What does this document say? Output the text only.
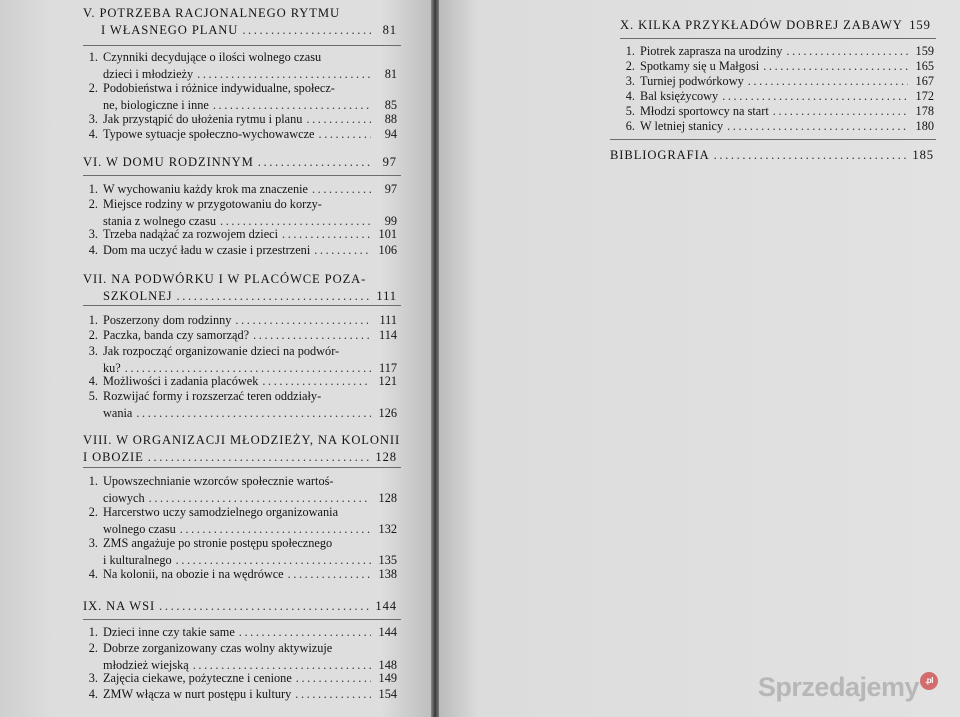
V. POTRZEBA RACJONALNEGO RYTMU
I WŁASNEGO PLANU .....	81
1. Czynniki decydujące o ilości wolnego czasu
dzieci i młodzieży .....	81
2. Podobieństwa i różnice indywidualne, społecz-
ne, biologiczne i inne .....	85
3. Jak przystąpić do ułożenia rytmu i planu .....	88
4. Typowe sytuacje społeczno-wychowawcze .....	94
VI. W DOMU RODZINNYM .....	97
1. W wychowaniu każdy krok ma znaczenie .....	97
2. Miejsce rodziny w przygotowaniu do korzy-
stania z wolnego czasu .....	99
3. Trzeba nadążać za rozwojem dzieci .....	101
4. Dom ma uczyć ładu w czasie i przestrzeni .....	106
VII. NA PODWÓRKU I W PLACÓWCE POZA-
SZKOLNEJ .....	111
1. Poszerzony dom rodzinny .....	111
2. Paczka, banda czy samorząd? .....	114
3. Jak rozpocząć organizowanie dzieci na podwór-
ku? .....	117
4. Możliwości i zadania placówek .....	121
5. Rozwijać formy i rozszerzać teren oddziały-
wania .....	126
VIII. W ORGANIZACJI MŁODZIEŻY, NA KOLONII
I OBOZIE .....	128
1. Upowszechnianie wzorców społecznie wartoś-
ciowych .....	128
2. Harcerstwo uczy samodzielnego organizowania
wolnego czasu .....	132
3. ZMS angażuje po stronie postępu społecznego
i kulturalnego .....	135
4. Na kolonii, na obozie i na wędrówce .....	138
IX. NA WSI .....	144
1. Dzieci inne czy takie same .....	144
2. Dobrze zorganizowany czas wolny aktywizuje
młodzież wiejską .....	148
3. Zajęcia ciekawe, pożyteczne i cenione .....	149
4. ZMW włącza w nurt postępu i kultury .....	154
X. KILKA PRZYKŁADÓW DOBREJ ZABAWY 159
1. Piotrek zaprasza na urodziny .....	159
2. Spotkamy się u Małgosi .....	165
3. Turniej podwórkowy .....	167
4. Bal księżycowy .....	172
5. Młodzi sportowcy na start .....	178
6. W letniej stanicy .....	180
BIBLIOGRAFIA .....	185
Sprzedajemy .pl
